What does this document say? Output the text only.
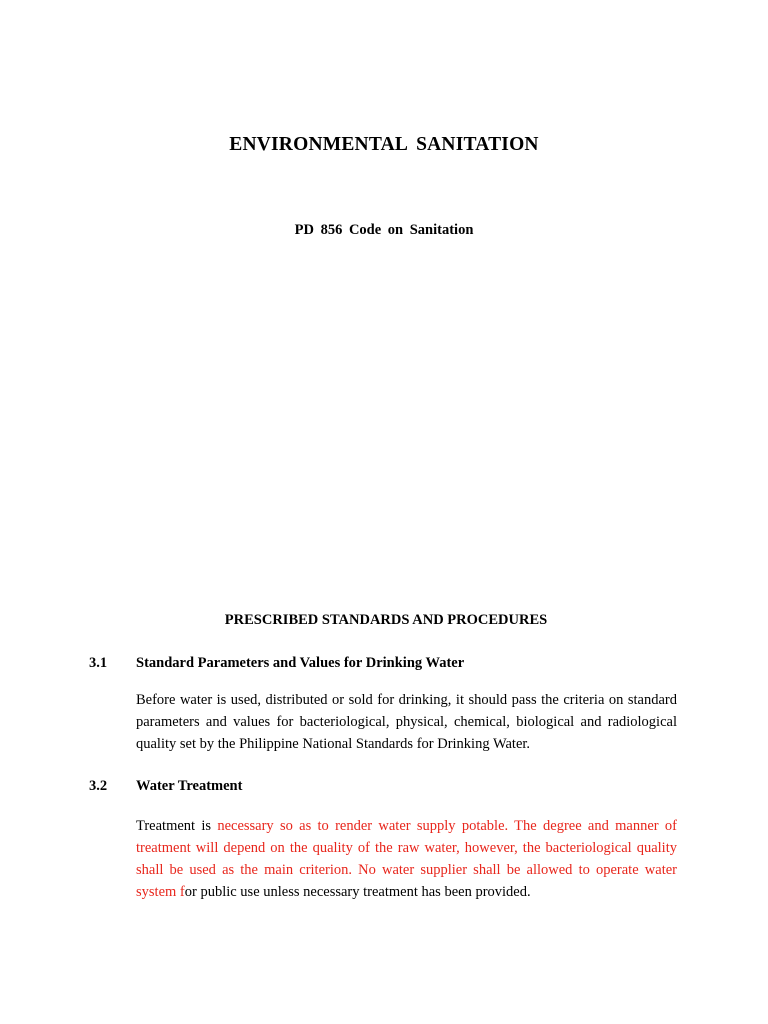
ENVIRONMENTAL SANITATION
PD 856 Code on Sanitation
PRESCRIBED STANDARDS AND PROCEDURES
3.1 Standard Parameters and Values for Drinking Water

Before water is used, distributed or sold for drinking, it should pass the criteria on standard parameters and values for bacteriological, physical, chemical, biological and radiological quality set by the Philippine National Standards for Drinking Water.

3.2 Water Treatment

Treatment is necessary so as to render water supply potable. The degree and manner of treatment will depend on the quality of the raw water, however, the bacteriological quality shall be used as the main criterion. No water supplier shall be allowed to operate water system for public use unless necessary treatment has been provided.
